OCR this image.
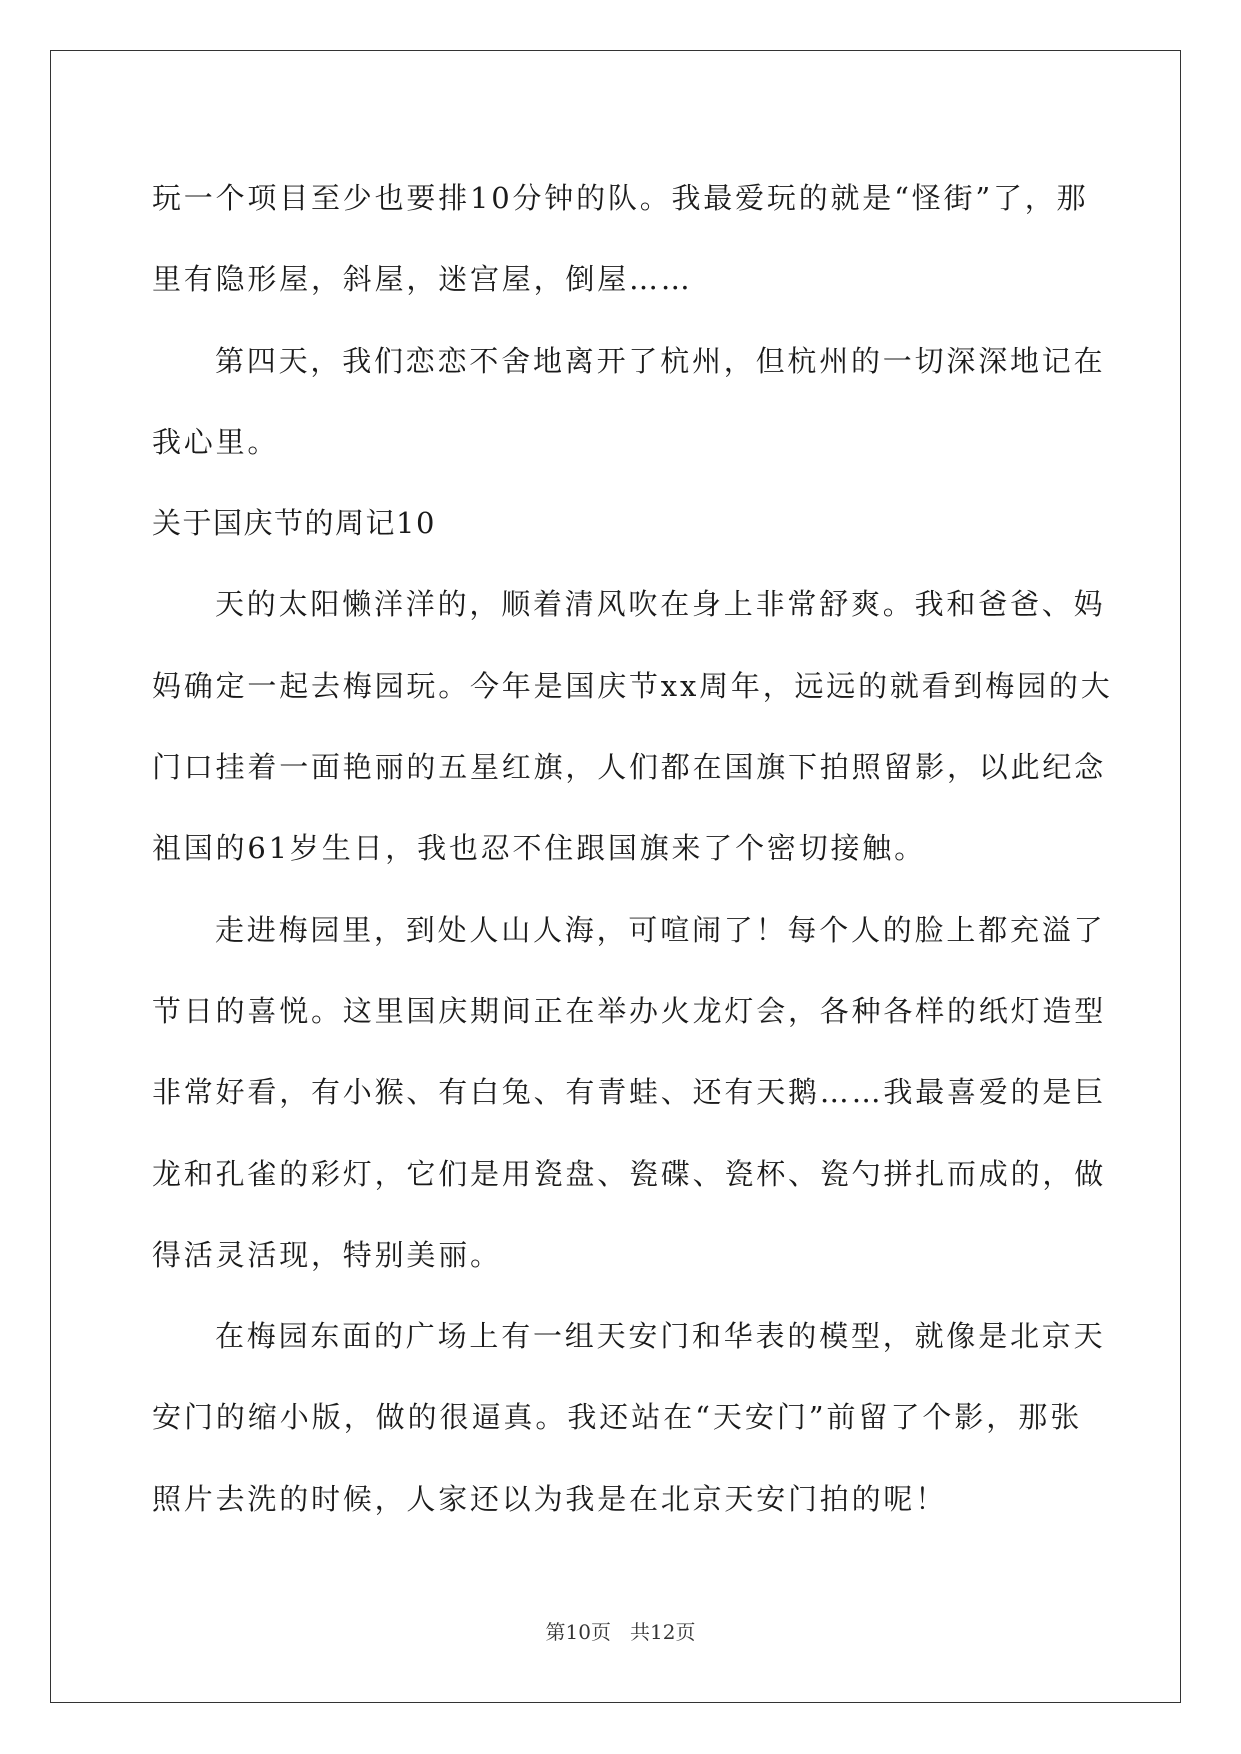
玩一个项目至少也要排10分钟的队。我最爱玩的就是“怪街”了，那
里有隐形屋，斜屋，迷宫屋，倒屋……
第四天，我们恋恋不舍地离开了杭州，但杭州的一切深深地记在
我心里。
关于国庆节的周记10
天的太阳懒洋洋的，顺着清风吹在身上非常舒爽。我和爸爸、妈
妈确定一起去梅园玩。今年是国庆节xx周年，远远的就看到梅园的大
门口挂着一面艳丽的五星红旗，人们都在国旗下拍照留影，以此纪念
祖国的61岁生日，我也忍不住跟国旗来了个密切接触。
走进梅园里，到处人山人海，可喧闹了！每个人的脸上都充溢了
节日的喜悦。这里国庆期间正在举办火龙灯会，各种各样的纸灯造型
非常好看，有小猴、有白兔、有青蛙、还有天鹅……我最喜爱的是巨
龙和孔雀的彩灯，它们是用瓷盘、瓷碟、瓷杯、瓷勺拼扎而成的，做
得活灵活现，特别美丽。
在梅园东面的广场上有一组天安门和华表的模型，就像是北京天
安门的缩小版，做的很逼真。我还站在“天安门”前留了个影，那张
照片去洗的时候，人家还以为我是在北京天安门拍的呢！
第10页   共12页
